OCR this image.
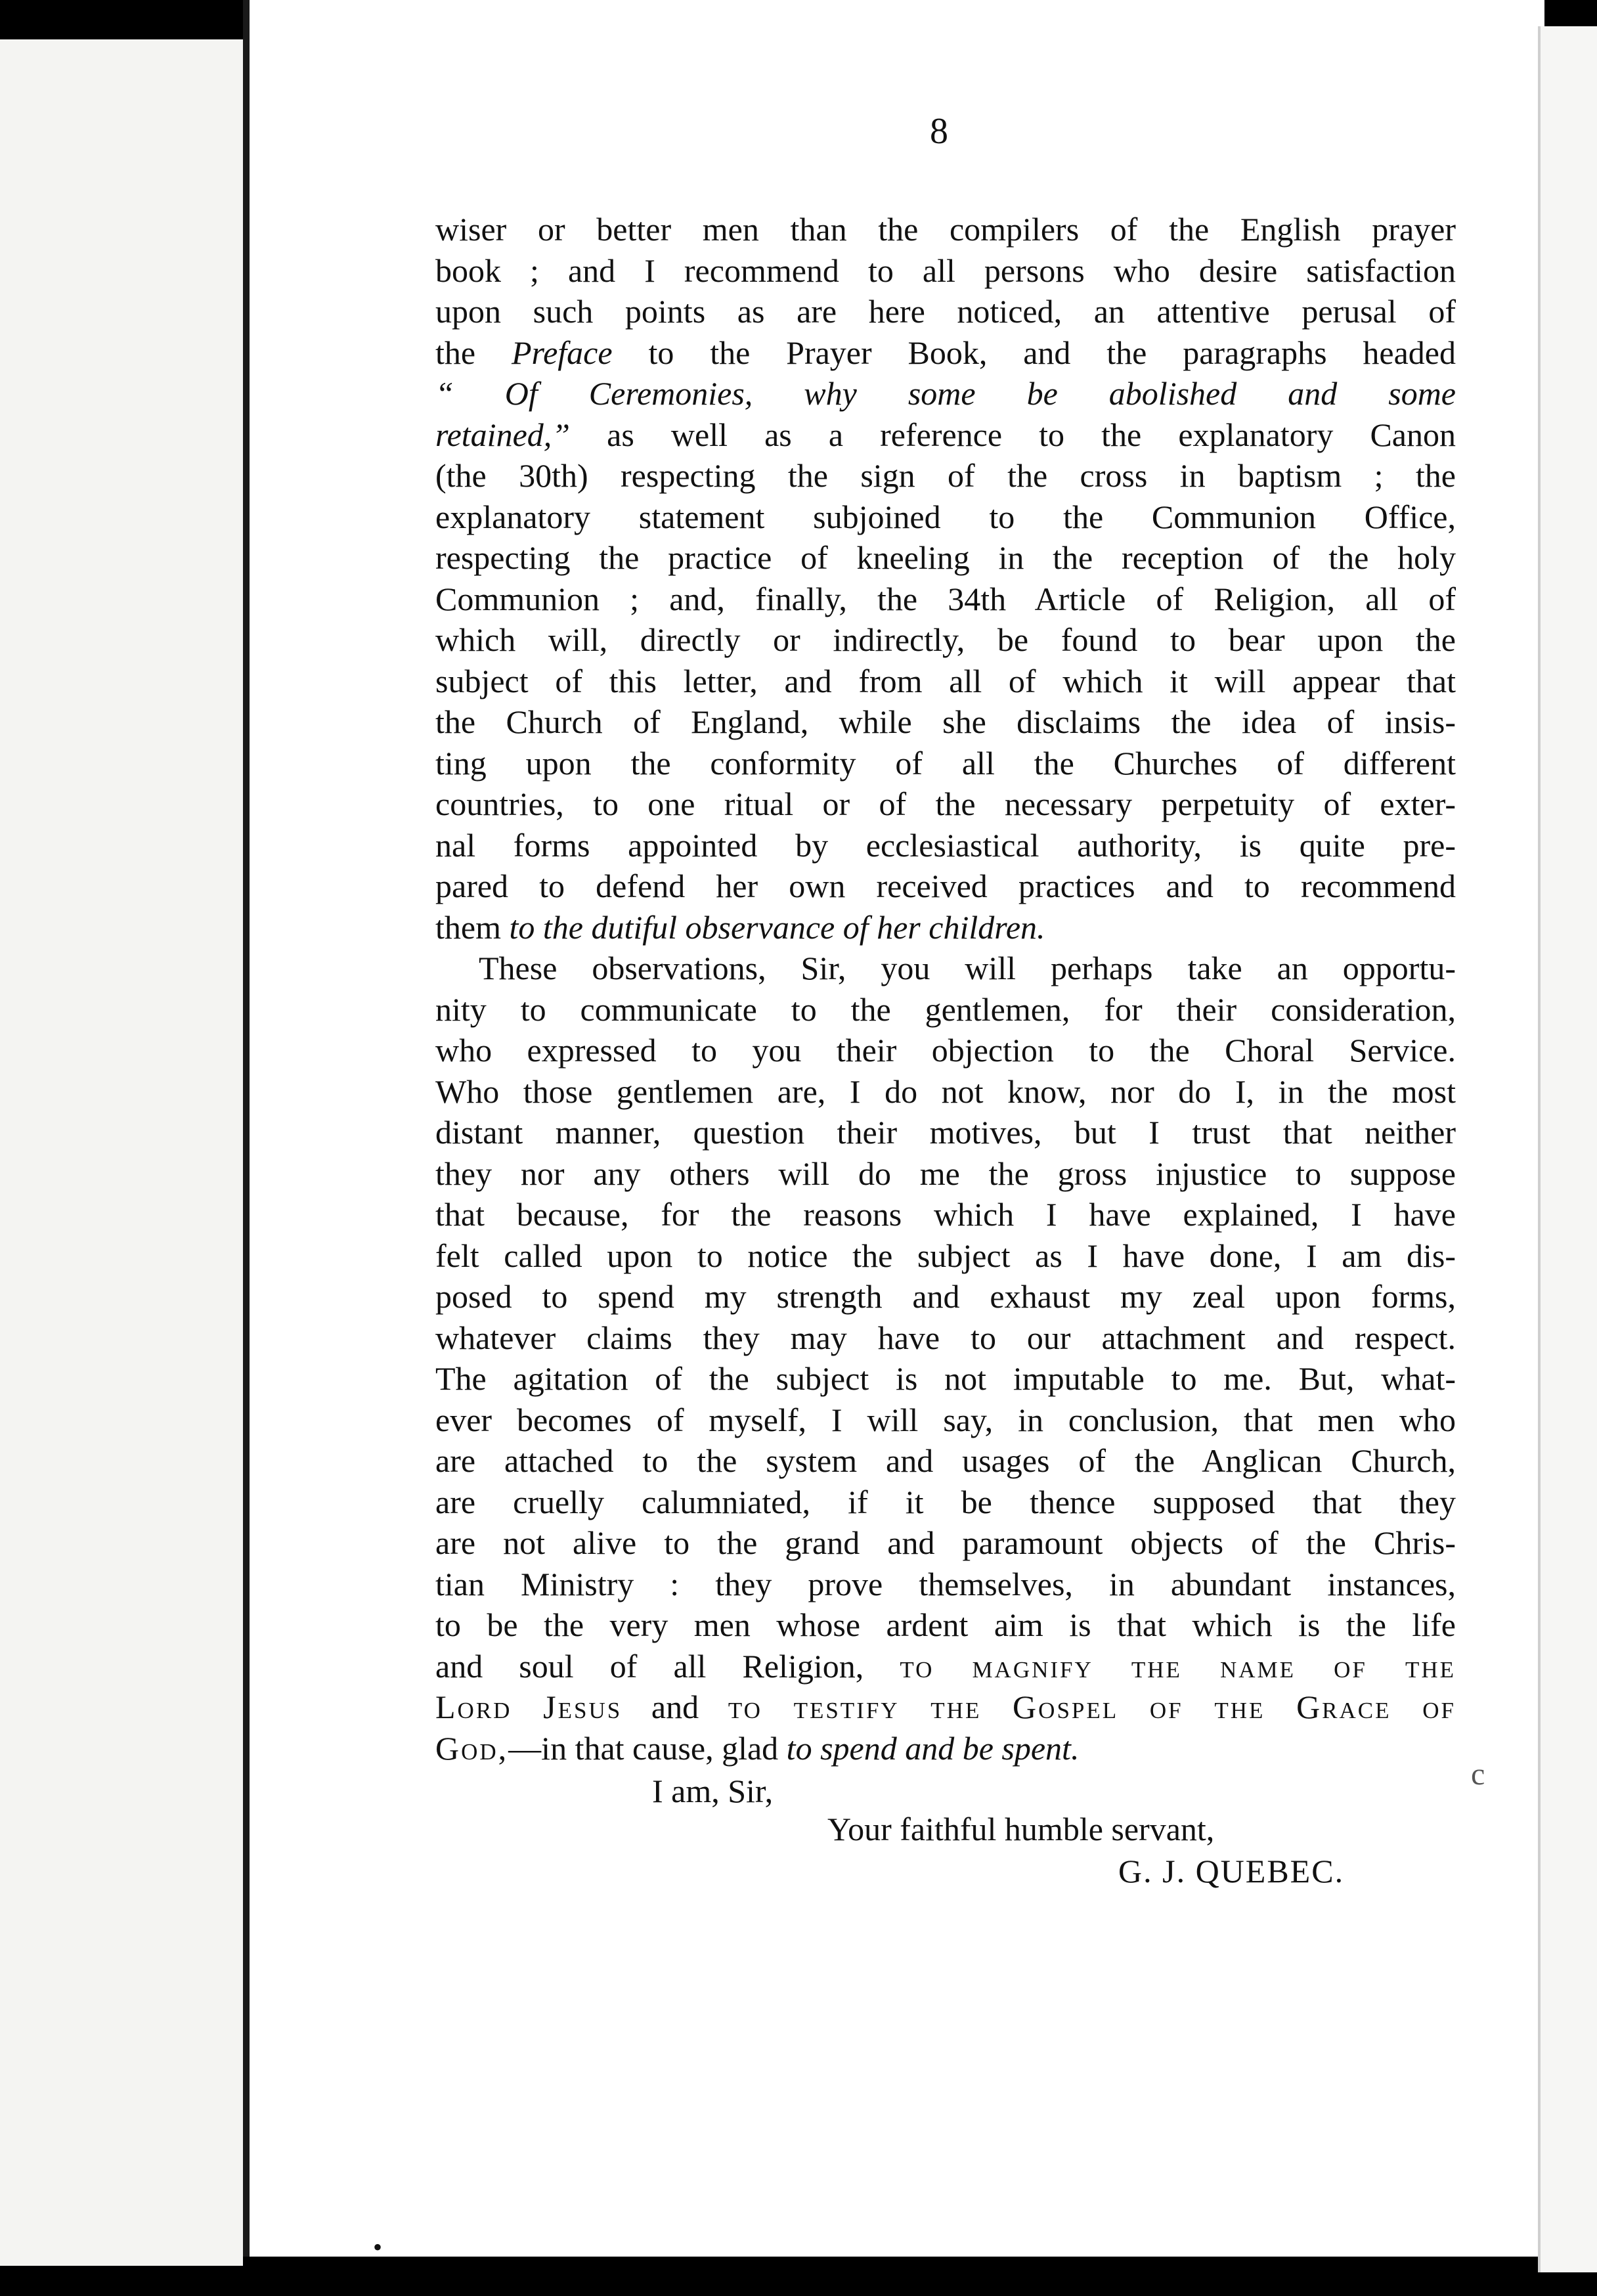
8
wiser or better men than the compilers of the English prayer
book ; and I recommend to all persons who desire satisfaction
upon such points as are here noticed, an attentive perusal of
the Preface to the Prayer Book, and the paragraphs headed
“ Of Ceremonies, why some be abolished and some
retained,” as well as a reference to the explanatory Canon
(the 30th) respecting the sign of the cross in baptism ; the
explanatory statement subjoined to the Communion Office,
respecting the practice of kneeling in the reception of the holy
Communion ; and, finally, the 34th Article of Religion, all of
which will, directly or indirectly, be found to bear upon the
subject of this letter, and from all of which it will appear that
the Church of England, while she disclaims the idea of insis-
ting upon the conformity of all the Churches of different
countries, to one ritual or of the necessary perpetuity of exter-
nal forms appointed by ecclesiastical authority, is quite pre-
pared to defend her own received practices and to recommend
them to the dutiful observance of her children.
These observations, Sir, you will perhaps take an opportu-
nity to communicate to the gentlemen, for their consideration,
who expressed to you their objection to the Choral Service.
Who those gentlemen are, I do not know, nor do I, in the most
distant manner, question their motives, but I trust that neither
they nor any others will do me the gross injustice to suppose
that because, for the reasons which I have explained, I have
felt called upon to notice the subject as I have done, I am dis-
posed to spend my strength and exhaust my zeal upon forms,
whatever claims they may have to our attachment and respect.
The agitation of the subject is not imputable to me. But, what-
ever becomes of myself, I will say, in conclusion, that men who
are attached to the system and usages of the Anglican Church,
are cruelly calumniated, if it be thence supposed that they
are not alive to the grand and paramount objects of the Chris-
tian Ministry : they prove themselves, in abundant instances,
to be the very men whose ardent aim is that which is the life
and soul of all Religion, to magnify the name of the
Lord Jesus and to testify the Gospel of the Grace of
God,—in that cause, glad to spend and be spent.
I am, Sir,
Your faithful humble servant,
G. J. QUEBEC.
c
•
